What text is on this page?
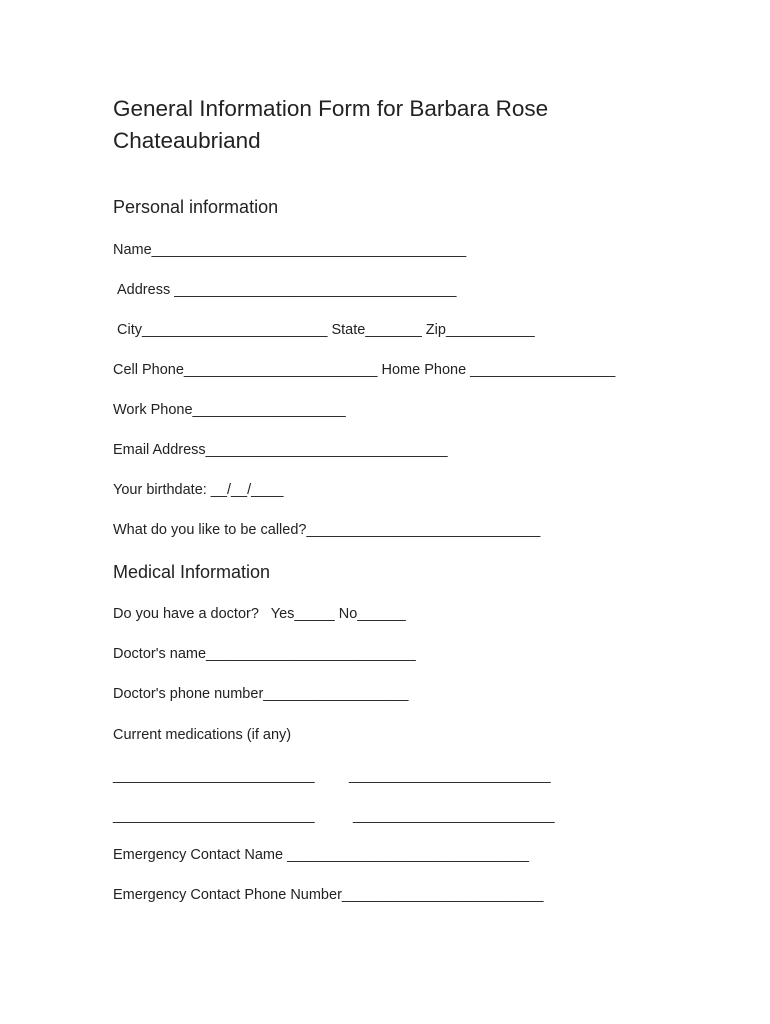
General Information Form for Barbara Rose Chateaubriand
Personal information
Name_______________________________________
Address ___________________________________
City_______________________ State_______ Zip___________
Cell Phone________________________ Home Phone __________________
Work Phone___________________
Email Address______________________________
Your birthdate: __/__/____
What do you like to be called?_____________________________
Medical Information
Do you have a doctor?   Yes_____ No______
Doctor's name__________________________
Doctor's phone number__________________
Current medications (if any)
_________________________ _________________________
_________________________	_________________________
Emergency Contact Name ______________________________
Emergency Contact Phone Number_________________________
